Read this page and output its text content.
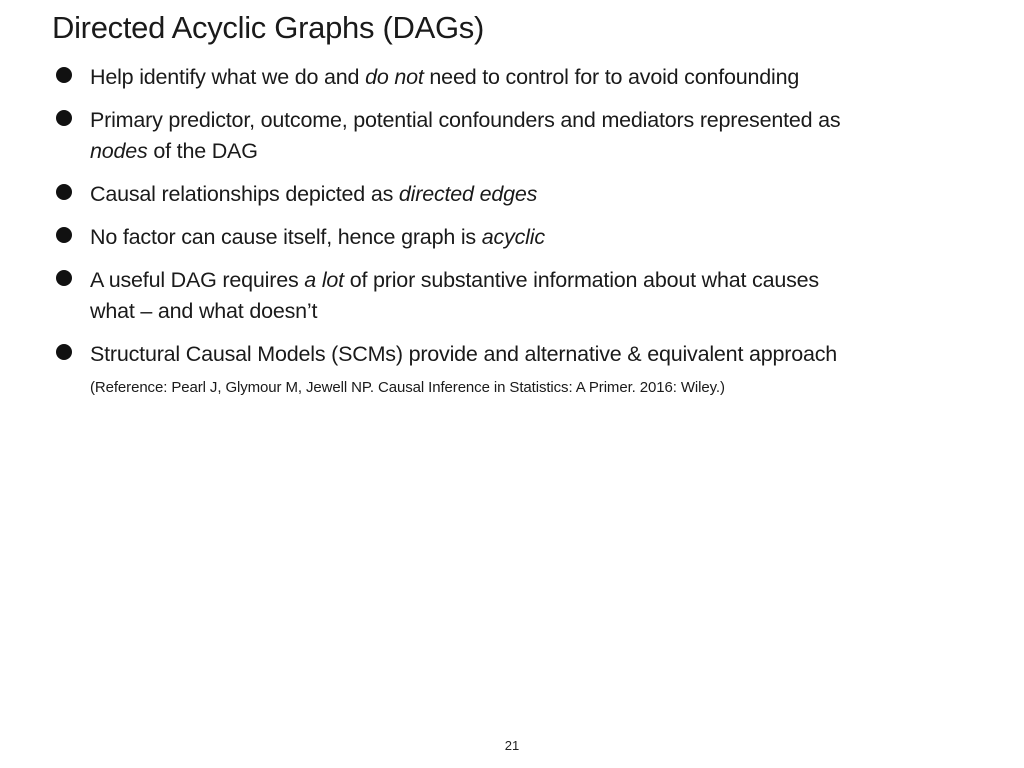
Directed Acyclic Graphs (DAGs)
Help identify what we do and do not need to control for to avoid confounding
Primary predictor, outcome, potential confounders and mediators represented as nodes of the DAG
Causal relationships depicted as directed edges
No factor can cause itself, hence graph is acyclic
A useful DAG requires a lot of prior substantive information about what causes what – and what doesn’t
Structural Causal Models (SCMs) provide and alternative & equivalent approach (Reference: Pearl J, Glymour M, Jewell NP. Causal Inference in Statistics: A Primer. 2016: Wiley.)
21
